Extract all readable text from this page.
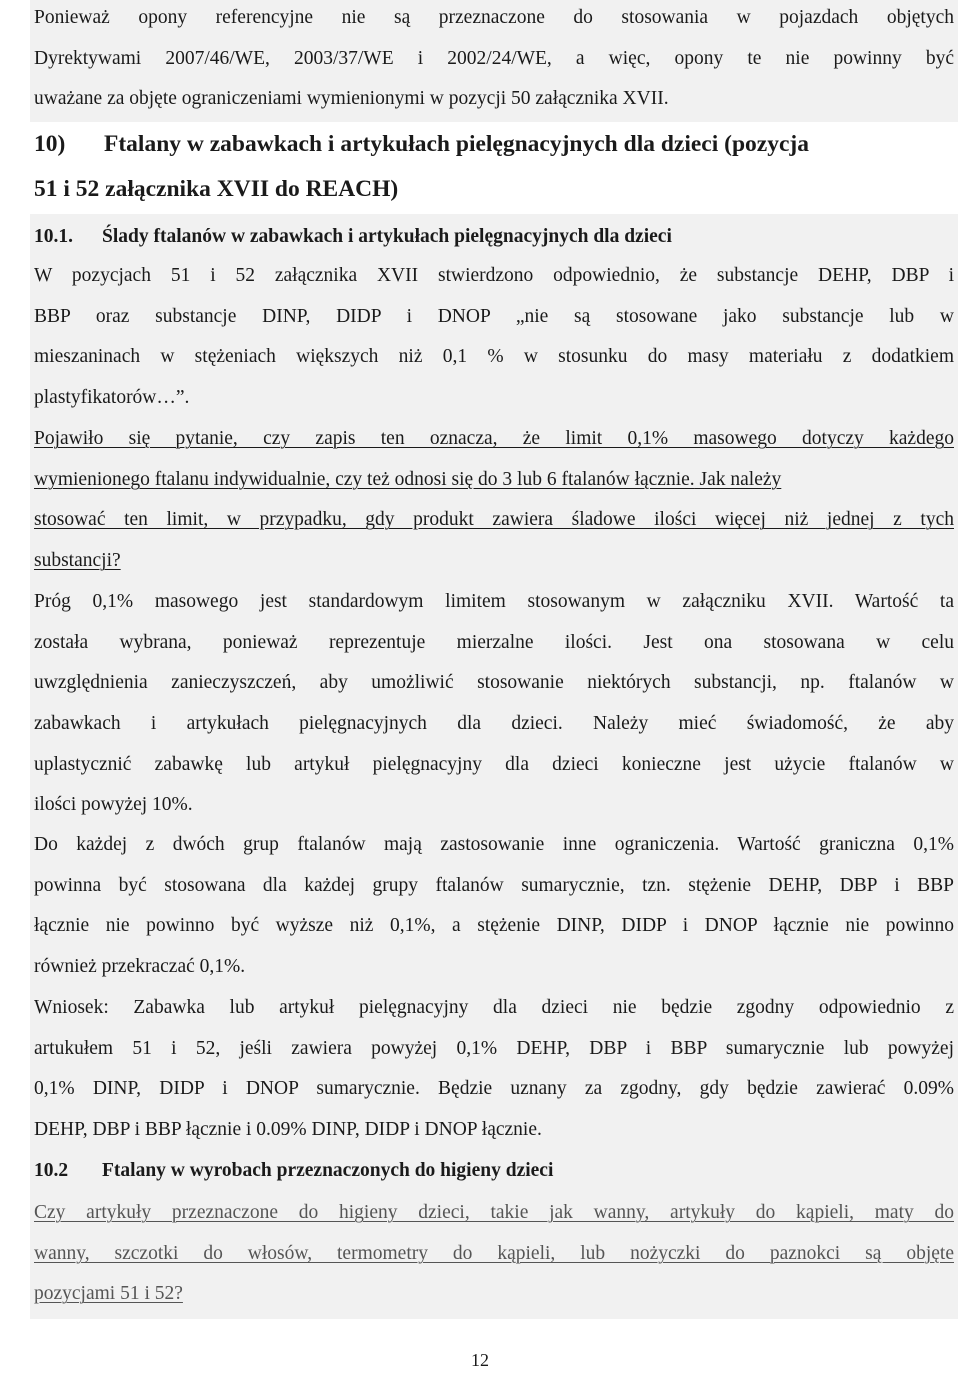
Ponieważ opony referencyjne nie są przeznaczone do stosowania w pojazdach objętych
Dyrektywami 2007/46/WE, 2003/37/WE i 2002/24/WE, a więc, opony te nie powinny być
uważane za objęte ograniczeniami wymienionymi w pozycji 50 załącznika XVII.
10) Ftalany w zabawkach i artykułach pielęgnacyjnych dla dzieci (pozycja
51 i 52 załącznika XVII do REACH)
10.1. Ślady ftalanów w zabawkach i artykułach pielęgnacyjnych dla dzieci
W pozycjach 51 i 52 załącznika XVII stwierdzono odpowiednio, że substancje DEHP, DBP i
BBP oraz substancje DINP, DIDP i DNOP „nie są stosowane jako substancje lub w
mieszaninach w stężeniach większych niż 0,1 % w stosunku do masy materiału z dodatkiem
plastyfikatorów…”.
Pojawiło się pytanie, czy zapis ten oznacza, że limit 0,1% masowego dotyczy każdego
wymienionego ftalanu indywidualnie, czy też odnosi się do 3 lub 6 ftalanów łącznie. Jak należy
stosować ten limit, w przypadku, gdy produkt zawiera śladowe ilości więcej niż jednej z tych
substancji?
Próg 0,1% masowego jest standardowym limitem stosowanym w załączniku XVII. Wartość ta
została wybrana, ponieważ reprezentuje mierzalne ilości. Jest ona stosowana w celu
uwzględnienia zanieczyszczeń, aby umożliwić stosowanie niektórych substancji, np. ftalanów w
zabawkach i artykułach pielęgnacyjnych dla dzieci. Należy mieć świadomość, że aby
uplastycznić zabawkę lub artykuł pielęgnacyjny dla dzieci konieczne jest użycie ftalanów w
ilości powyżej 10%.
Do każdej z dwóch grup ftalanów mają zastosowanie inne ograniczenia. Wartość graniczna 0,1%
powinna być stosowana dla każdej grupy ftalanów sumarycznie, tzn. stężenie DEHP, DBP i BBP
łącznie nie powinno być wyższe niż 0,1%, a stężenie DINP, DIDP i DNOP łącznie nie powinno
również przekraczać 0,1%.
Wniosek: Zabawka lub artykuł pielęgnacyjny dla dzieci nie będzie zgodny odpowiednio z
artukułem 51 i 52, jeśli zawiera powyżej 0,1% DEHP, DBP i BBP sumarycznie lub powyżej
0,1% DINP, DIDP i DNOP sumarycznie. Będzie uznany za zgodny, gdy będzie zawierać 0.09%
DEHP, DBP i BBP łącznie i 0.09% DINP, DIDP i DNOP łącznie.
10.2 Ftalany w wyrobach przeznaczonych do higieny dzieci
Czy artykuły przeznaczone do higieny dzieci, takie jak wanny, artykuły do kąpieli, maty do
wanny, szczotki do włosów, termometry do kąpieli, lub nożyczki do paznokci są objęte
pozycjami 51 i 52?
12
